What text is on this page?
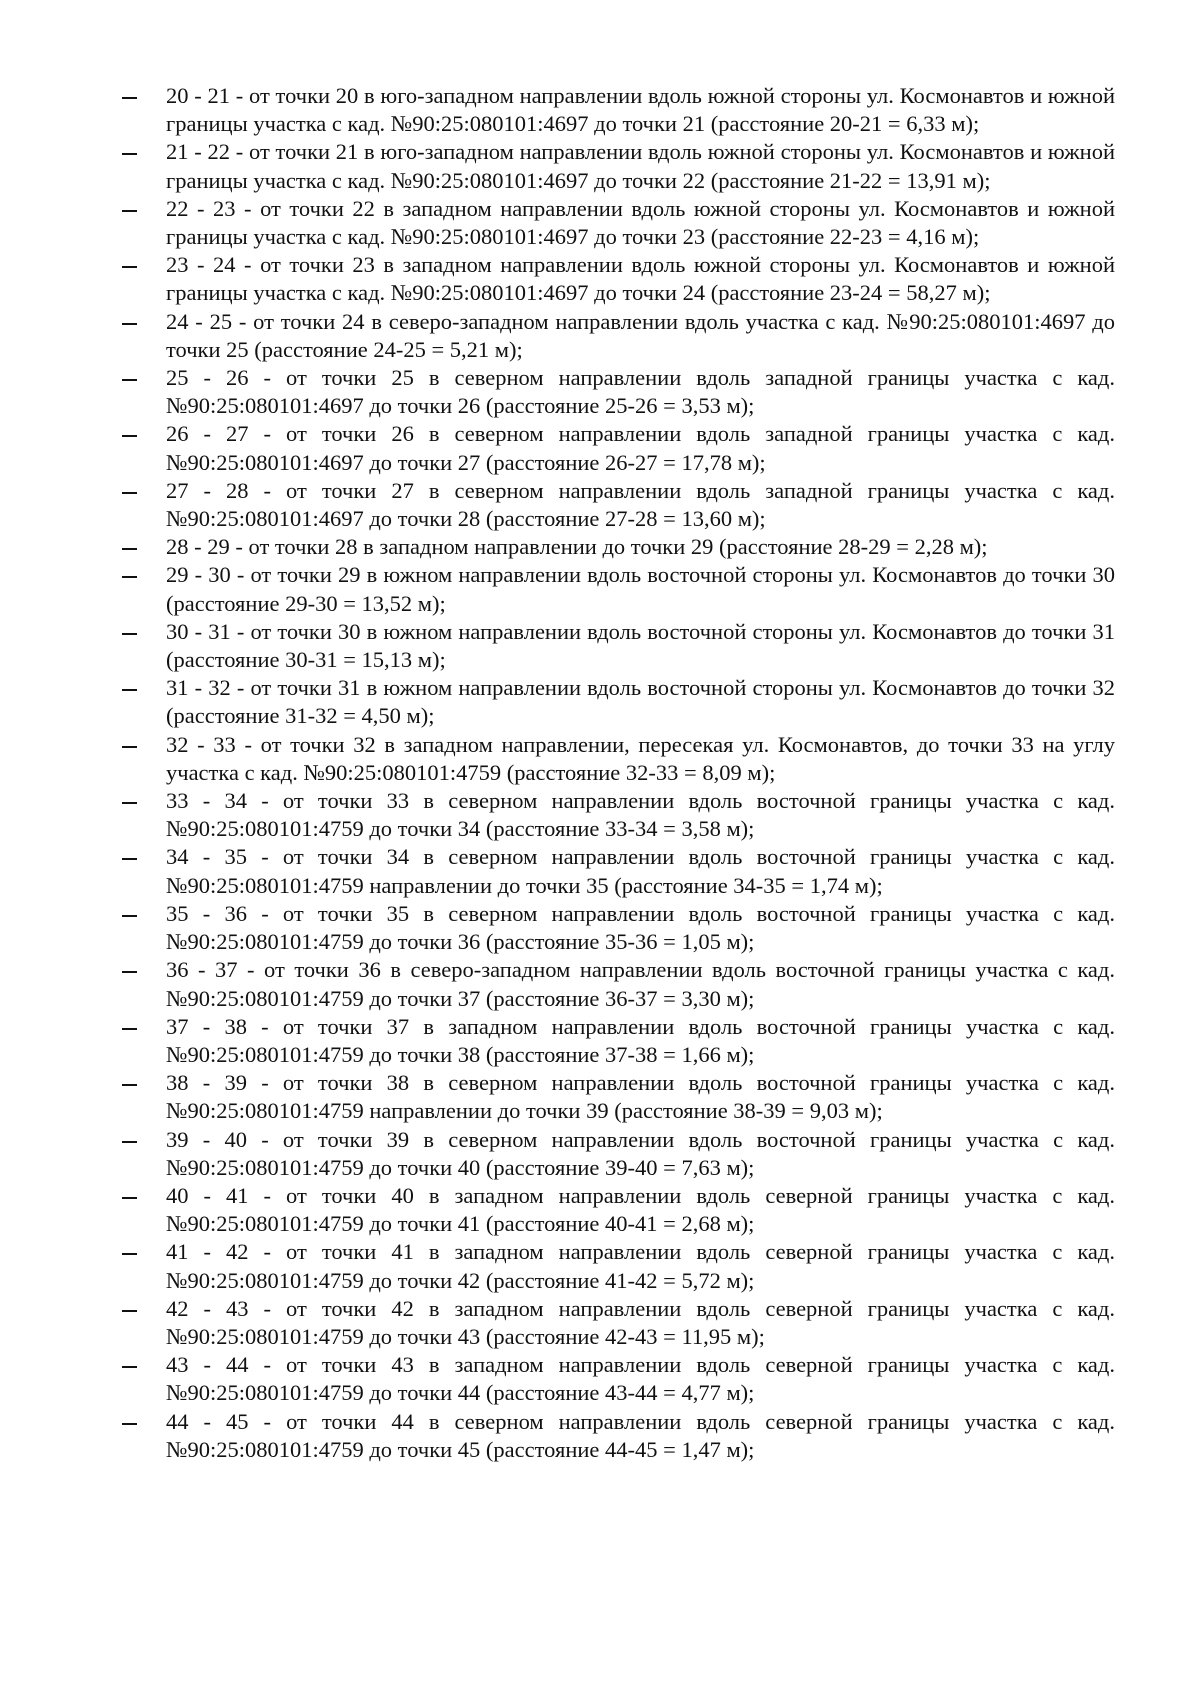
20 - 21 - от точки 20 в юго-западном направлении вдоль южной стороны ул. Космонавтов и южной границы участка с кад. №90:25:080101:4697 до точки 21 (расстояние 20-21 = 6,33 м);
21 - 22 - от точки 21 в юго-западном направлении вдоль южной стороны ул. Космонавтов и южной границы участка с кад. №90:25:080101:4697 до точки 22 (расстояние 21-22 = 13,91 м);
22 - 23 - от точки 22 в западном направлении вдоль южной стороны ул. Космонавтов и южной границы участка с кад. №90:25:080101:4697 до точки 23 (расстояние 22-23 = 4,16 м);
23 - 24 - от точки 23 в западном направлении вдоль южной стороны ул. Космонавтов и южной границы участка с кад. №90:25:080101:4697 до точки 24 (расстояние 23-24 = 58,27 м);
24 - 25 - от точки 24 в северо-западном направлении вдоль участка с кад. №90:25:080101:4697 до точки 25 (расстояние 24-25 = 5,21 м);
25 - 26 - от точки 25 в северном направлении вдоль западной границы участка с кад. №90:25:080101:4697 до точки 26 (расстояние 25-26 = 3,53 м);
26 - 27 - от точки 26 в северном направлении вдоль западной границы участка с кад. №90:25:080101:4697 до точки 27 (расстояние 26-27 = 17,78 м);
27 - 28 - от точки 27 в северном направлении вдоль западной границы участка с кад. №90:25:080101:4697 до точки 28 (расстояние 27-28 = 13,60 м);
28 - 29 - от точки 28 в западном направлении до точки 29 (расстояние 28-29 = 2,28 м);
29 - 30 - от точки 29 в южном направлении вдоль восточной стороны ул. Космонавтов до точки 30 (расстояние 29-30 = 13,52 м);
30 - 31 - от точки 30 в южном направлении вдоль восточной стороны ул. Космонавтов до точки 31 (расстояние 30-31 = 15,13 м);
31 - 32 - от точки 31 в южном направлении вдоль восточной стороны ул. Космонавтов до точки 32 (расстояние 31-32 = 4,50 м);
32 - 33 - от точки 32 в западном направлении, пересекая ул. Космонавтов, до точки 33 на углу участка с кад. №90:25:080101:4759 (расстояние 32-33 = 8,09 м);
33 - 34 - от точки 33 в северном направлении вдоль восточной границы участка с кад. №90:25:080101:4759 до точки 34 (расстояние 33-34 = 3,58 м);
34 - 35 - от точки 34 в северном направлении вдоль восточной границы участка с кад. №90:25:080101:4759 направлении до точки 35 (расстояние 34-35 = 1,74 м);
35 - 36 - от точки 35 в северном направлении вдоль восточной границы участка с кад. №90:25:080101:4759 до точки 36 (расстояние 35-36 = 1,05 м);
36 - 37 - от точки 36 в северо-западном направлении вдоль восточной границы участка с кад. №90:25:080101:4759 до точки 37 (расстояние 36-37 = 3,30 м);
37 - 38 - от точки 37 в западном направлении вдоль восточной границы участка с кад. №90:25:080101:4759 до точки 38 (расстояние 37-38 = 1,66 м);
38 - 39 - от точки 38 в северном направлении вдоль восточной границы участка с кад. №90:25:080101:4759 направлении до точки 39 (расстояние 38-39 = 9,03 м);
39 - 40 - от точки 39 в северном направлении вдоль восточной границы участка с кад. №90:25:080101:4759 до точки 40 (расстояние 39-40 = 7,63 м);
40 - 41 - от точки 40 в западном направлении вдоль северной границы участка с кад. №90:25:080101:4759 до точки 41 (расстояние 40-41 = 2,68 м);
41 - 42 - от точки 41 в западном направлении вдоль северной границы участка с кад. №90:25:080101:4759 до точки 42 (расстояние 41-42 = 5,72 м);
42 - 43 - от точки 42 в западном направлении вдоль северной границы участка с кад. №90:25:080101:4759 до точки 43 (расстояние 42-43 = 11,95 м);
43 - 44 - от точки 43 в западном направлении вдоль северной границы участка с кад. №90:25:080101:4759 до точки 44 (расстояние 43-44 = 4,77 м);
44 - 45 - от точки 44 в северном направлении вдоль северной границы участка с кад. №90:25:080101:4759 до точки 45 (расстояние 44-45 = 1,47 м);
